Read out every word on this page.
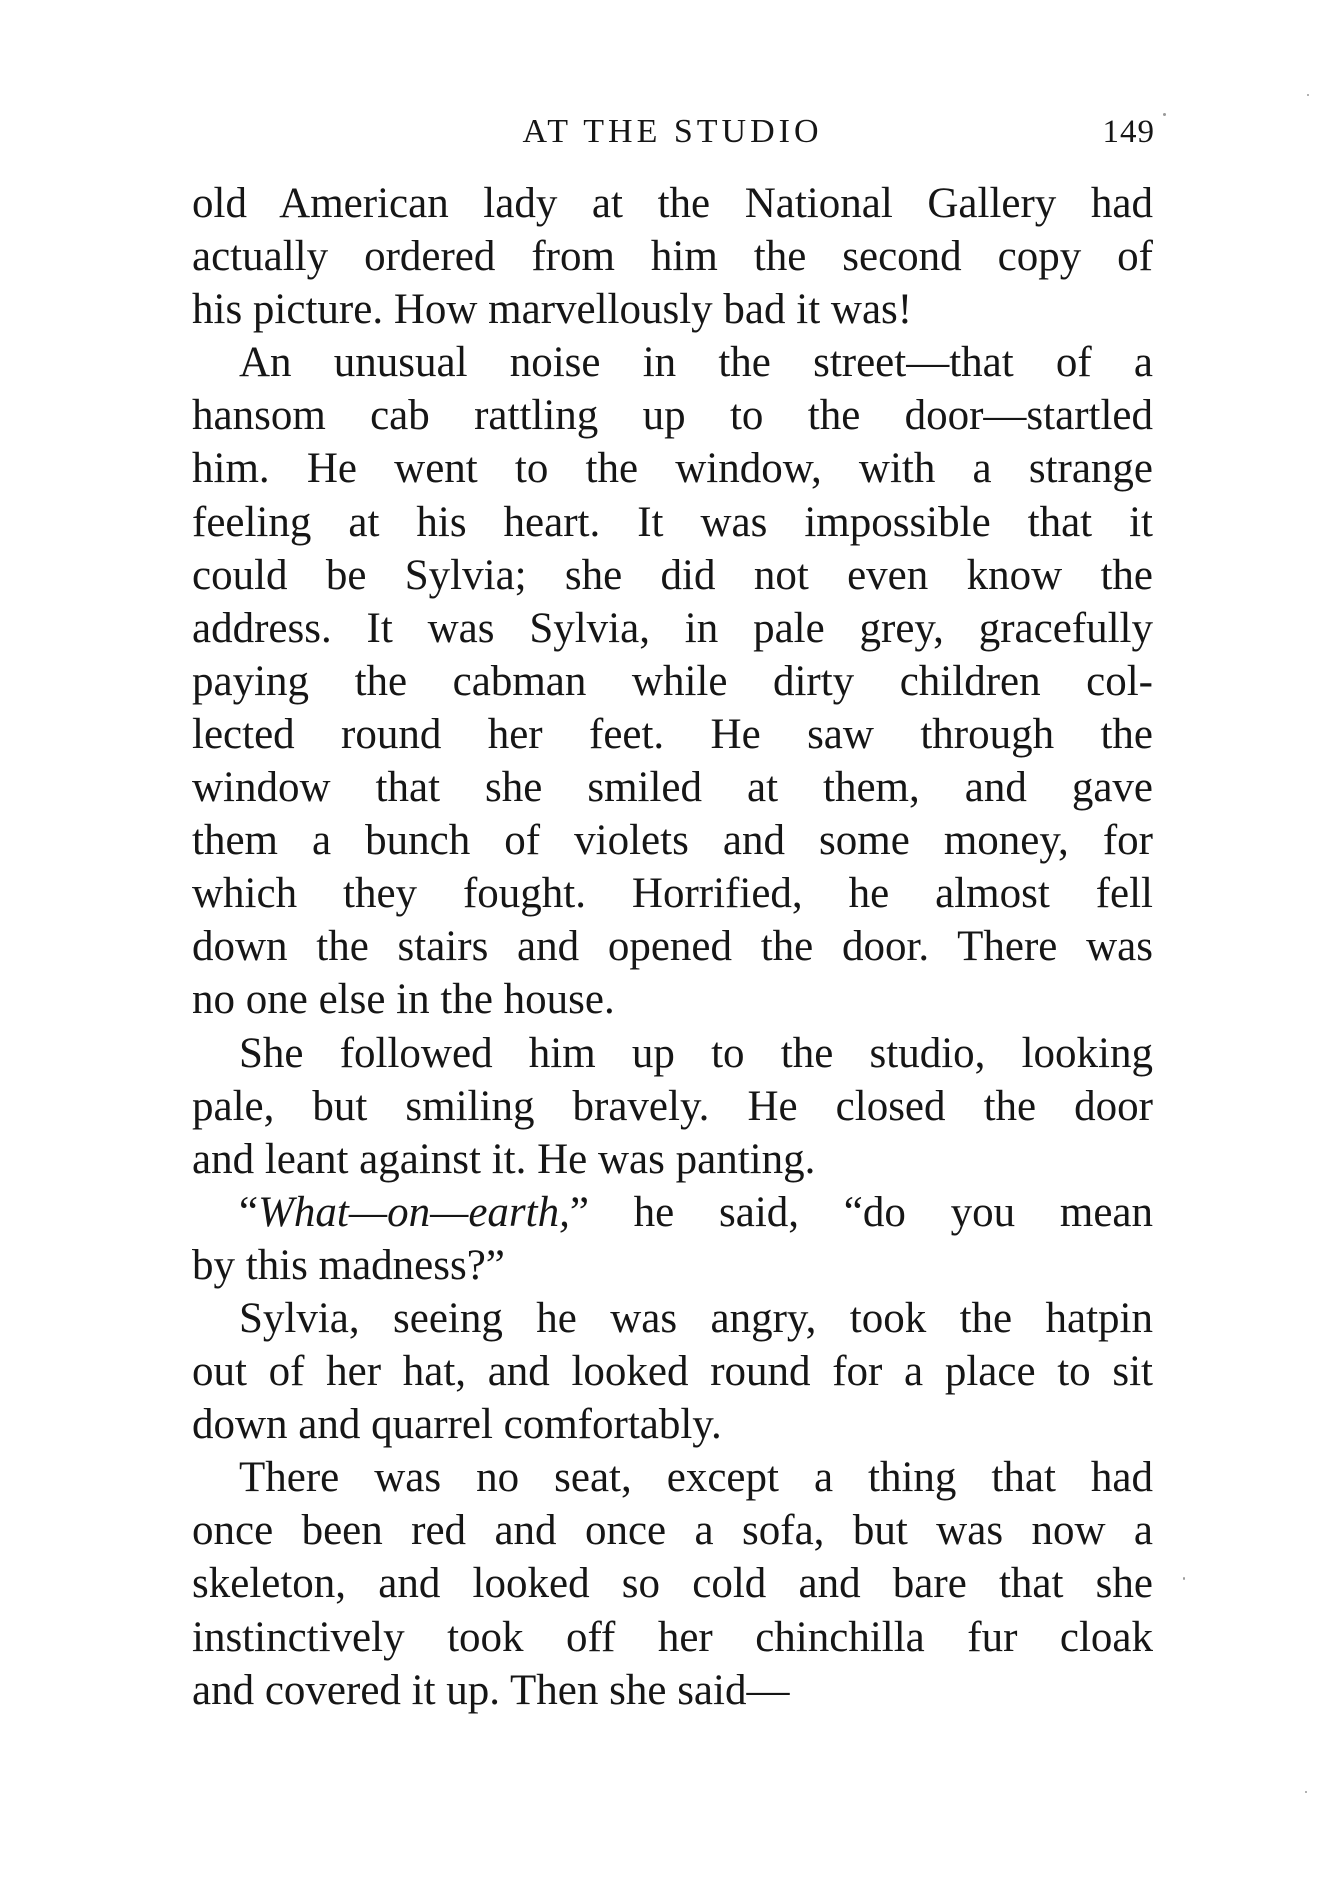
AT THE STUDIO	149
old American lady at the National Gallery had
actually ordered from him the second copy of
his picture. How marvellously bad it was!
An unusual noise in the street—that of a
hansom cab rattling up to the door—startled
him. He went to the window, with a strange
feeling at his heart. It was impossible that it
could be Sylvia; she did not even know the
address. It was Sylvia, in pale grey, gracefully
paying the cabman while dirty children col-
lected round her feet. He saw through the
window that she smiled at them, and gave
them a bunch of violets and some money, for
which they fought. Horrified, he almost fell
down the stairs and opened the door. There was
no one else in the house.
She followed him up to the studio, looking
pale, but smiling bravely. He closed the door
and leant against it. He was panting.
“What—on—earth,” he said, “do you mean
by this madness?”
Sylvia, seeing he was angry, took the hatpin
out of her hat, and looked round for a place to sit
down and quarrel comfortably.
There was no seat, except a thing that had
once been red and once a sofa, but was now a
skeleton, and looked so cold and bare that she
instinctively took off her chinchilla fur cloak
and covered it up. Then she said—
